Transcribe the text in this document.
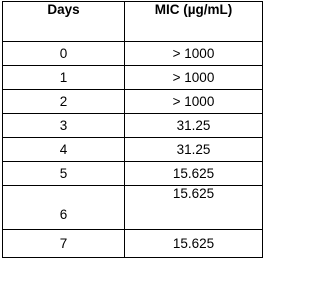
Days	MIC (µg/mL)
0	> 1000
1	> 1000
2	> 1000
3	31.25
4	31.25
5	15.625
6	15.625
7	15.625
